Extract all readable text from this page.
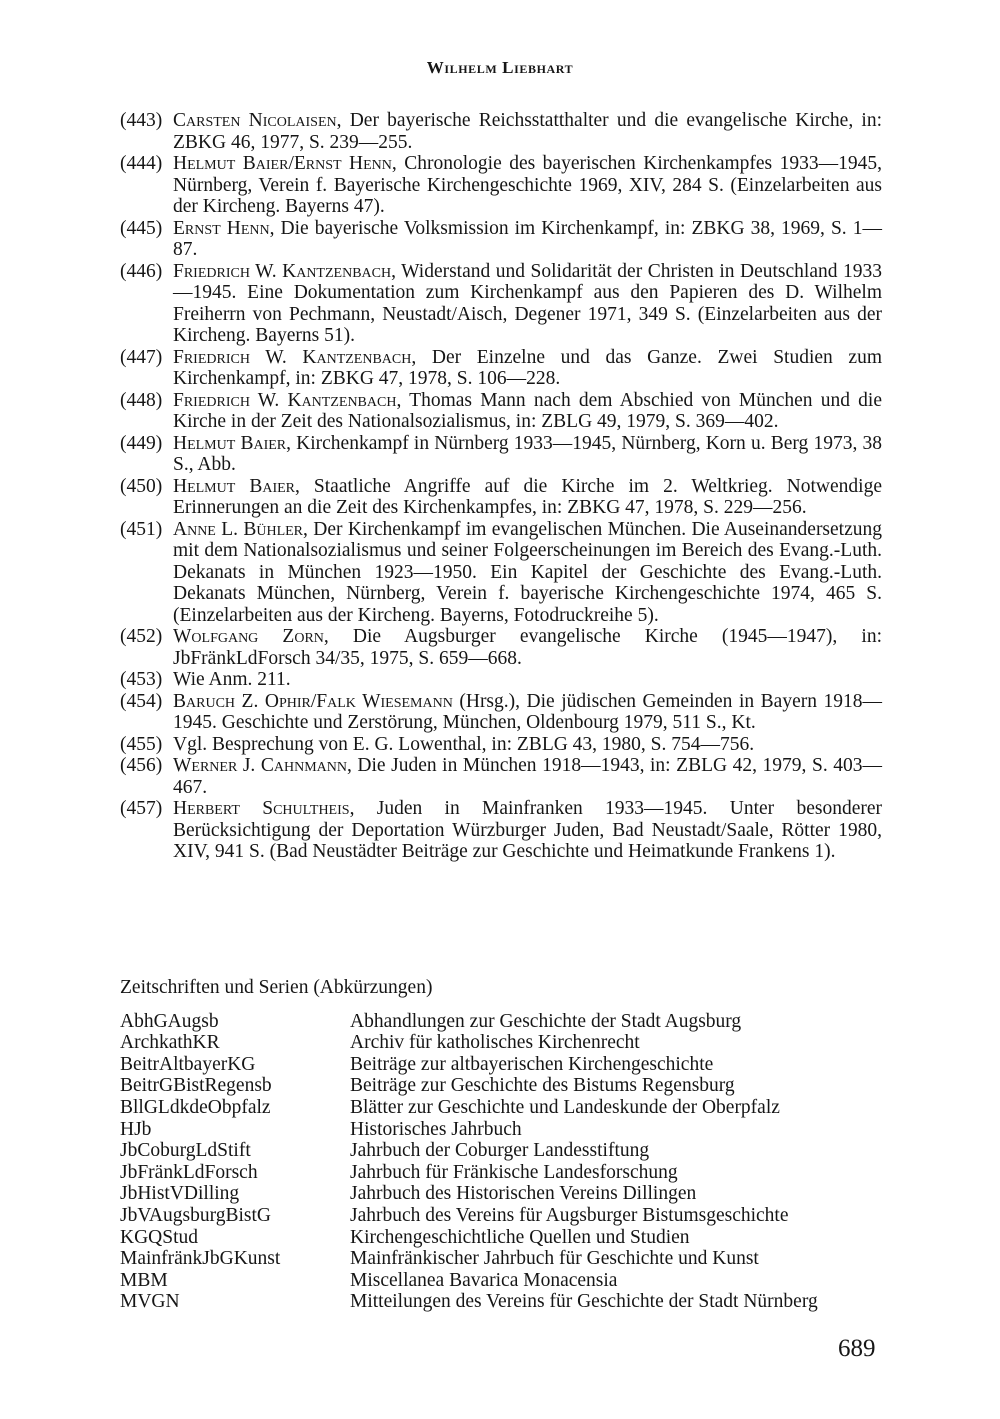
Wilhelm Liebhart
(443) Carsten Nicolaisen, Der bayerische Reichsstatthalter und die evangelische Kirche, in: ZBKG 46, 1977, S. 239—255.
(444) Helmut Baier/Ernst Henn, Chronologie des bayerischen Kirchenkampfes 1933—1945, Nürnberg, Verein f. Bayerische Kirchengeschichte 1969, XIV, 284 S. (Einzelarbeiten aus der Kircheng. Bayerns 47).
(445) Ernst Henn, Die bayerische Volksmission im Kirchenkampf, in: ZBKG 38, 1969, S. 1—87.
(446) Friedrich W. Kantzenbach, Widerstand und Solidarität der Christen in Deutschland 1933—1945. Eine Dokumentation zum Kirchenkampf aus den Papieren des D. Wilhelm Freiherrn von Pechmann, Neustadt/Aisch, Degener 1971, 349 S. (Einzelarbeiten aus der Kircheng. Bayerns 51).
(447) Friedrich W. Kantzenbach, Der Einzelne und das Ganze. Zwei Studien zum Kirchenkampf, in: ZBKG 47, 1978, S. 106—228.
(448) Friedrich W. Kantzenbach, Thomas Mann nach dem Abschied von München und die Kirche in der Zeit des Nationalsozialismus, in: ZBLG 49, 1979, S. 369—402.
(449) Helmut Baier, Kirchenkampf in Nürnberg 1933—1945, Nürnberg, Korn u. Berg 1973, 38 S., Abb.
(450) Helmut Baier, Staatliche Angriffe auf die Kirche im 2. Weltkrieg. Notwendige Erinnerungen an die Zeit des Kirchenkampfes, in: ZBKG 47, 1978, S. 229—256.
(451) Anne L. Bühler, Der Kirchenkampf im evangelischen München. Die Auseinandersetzung mit dem Nationalsozialismus und seiner Folgeerscheinungen im Bereich des Evang.-Luth. Dekanats in München 1923—1950. Ein Kapitel der Geschichte des Evang.-Luth. Dekanats München, Nürnberg, Verein f. bayerische Kirchengeschichte 1974, 465 S. (Einzelarbeiten aus der Kircheng. Bayerns, Fotodruckreihe 5).
(452) Wolfgang Zorn, Die Augsburger evangelische Kirche (1945—1947), in: JbFränkLdForsch 34/35, 1975, S. 659—668.
(453) Wie Anm. 211.
(454) Baruch Z. Ophir/Falk Wiesemann (Hrsg.), Die jüdischen Gemeinden in Bayern 1918—1945. Geschichte und Zerstörung, München, Oldenbourg 1979, 511 S., Kt.
(455) Vgl. Besprechung von E. G. Lowenthal, in: ZBLG 43, 1980, S. 754—756.
(456) Werner J. Cahnmann, Die Juden in München 1918—1943, in: ZBLG 42, 1979, S. 403—467.
(457) Herbert Schultheis, Juden in Mainfranken 1933—1945. Unter besonderer Berücksichtigung der Deportation Würzburger Juden, Bad Neustadt/Saale, Rötter 1980, XIV, 941 S. (Bad Neustädter Beiträge zur Geschichte und Heimatkunde Frankens 1).
Zeitschriften und Serien (Abkürzungen)
AbhGAugsb	Abhandlungen zur Geschichte der Stadt Augsburg
ArchkathKR	Archiv für katholisches Kirchenrecht
BeitrAltbayerKG	Beiträge zur altbayerischen Kirchengeschichte
BeitrGBistRegensb	Beiträge zur Geschichte des Bistums Regensburg
BllGLdkdeObpfalz	Blätter zur Geschichte und Landeskunde der Oberpfalz
HJb	Historisches Jahrbuch
JbCoburgLdStift	Jahrbuch der Coburger Landesstiftung
JbFränkLdForsch	Jahrbuch für Fränkische Landesforschung
JbHistVDilling	Jahrbuch des Historischen Vereins Dillingen
JbVAugsburgBistG	Jahrbuch des Vereins für Augsburger Bistumsgeschichte
KGQStud	Kirchengeschichtliche Quellen und Studien
MainfränkJbGKunst	Mainfränkischer Jahrbuch für Geschichte und Kunst
MBM	Miscellanea Bavarica Monacensia
MVGN	Mitteilungen des Vereins für Geschichte der Stadt Nürnberg
689
